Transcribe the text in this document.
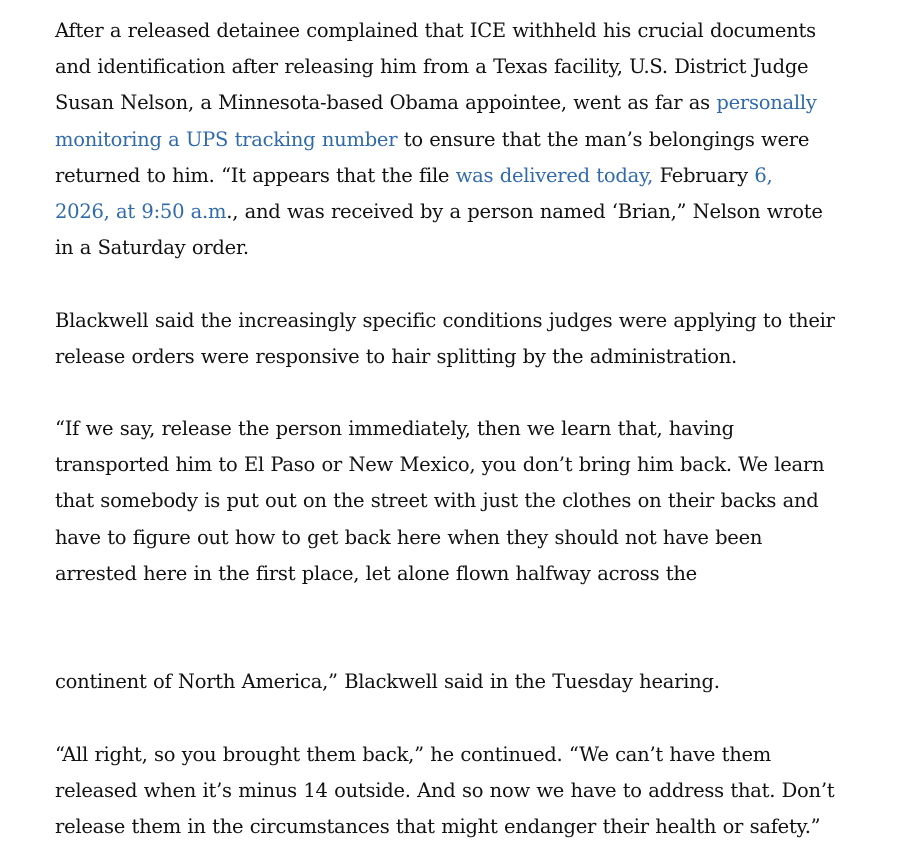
After a released detainee complained that ICE withheld his crucial documents
and identification after releasing him from a Texas facility, U.S. District Judge
Susan Nelson, a Minnesota-based Obama appointee, went as far as personally
monitoring a UPS tracking number to ensure that the man’s belongings were
returned to him. “It appears that the file was delivered today, February 6,
2026, at 9:50 a.m., and was received by a person named ‘Brian,” Nelson wrote
in a Saturday order.
Blackwell said the increasingly specific conditions judges were applying to their
release orders were responsive to hair splitting by the administration.
“If we say, release the person immediately, then we learn that, having
transported him to El Paso or New Mexico, you don’t bring him back. We learn
that somebody is put out on the street with just the clothes on their backs and
have to figure out how to get back here when they should not have been
arrested here in the first place, let alone flown halfway across the
continent of North America,” Blackwell said in the Tuesday hearing.
“All right, so you brought them back,” he continued. “We can’t have them
released when it’s minus 14 outside. And so now we have to address that. Don’t
release them in the circumstances that might endanger their health or safety.”
